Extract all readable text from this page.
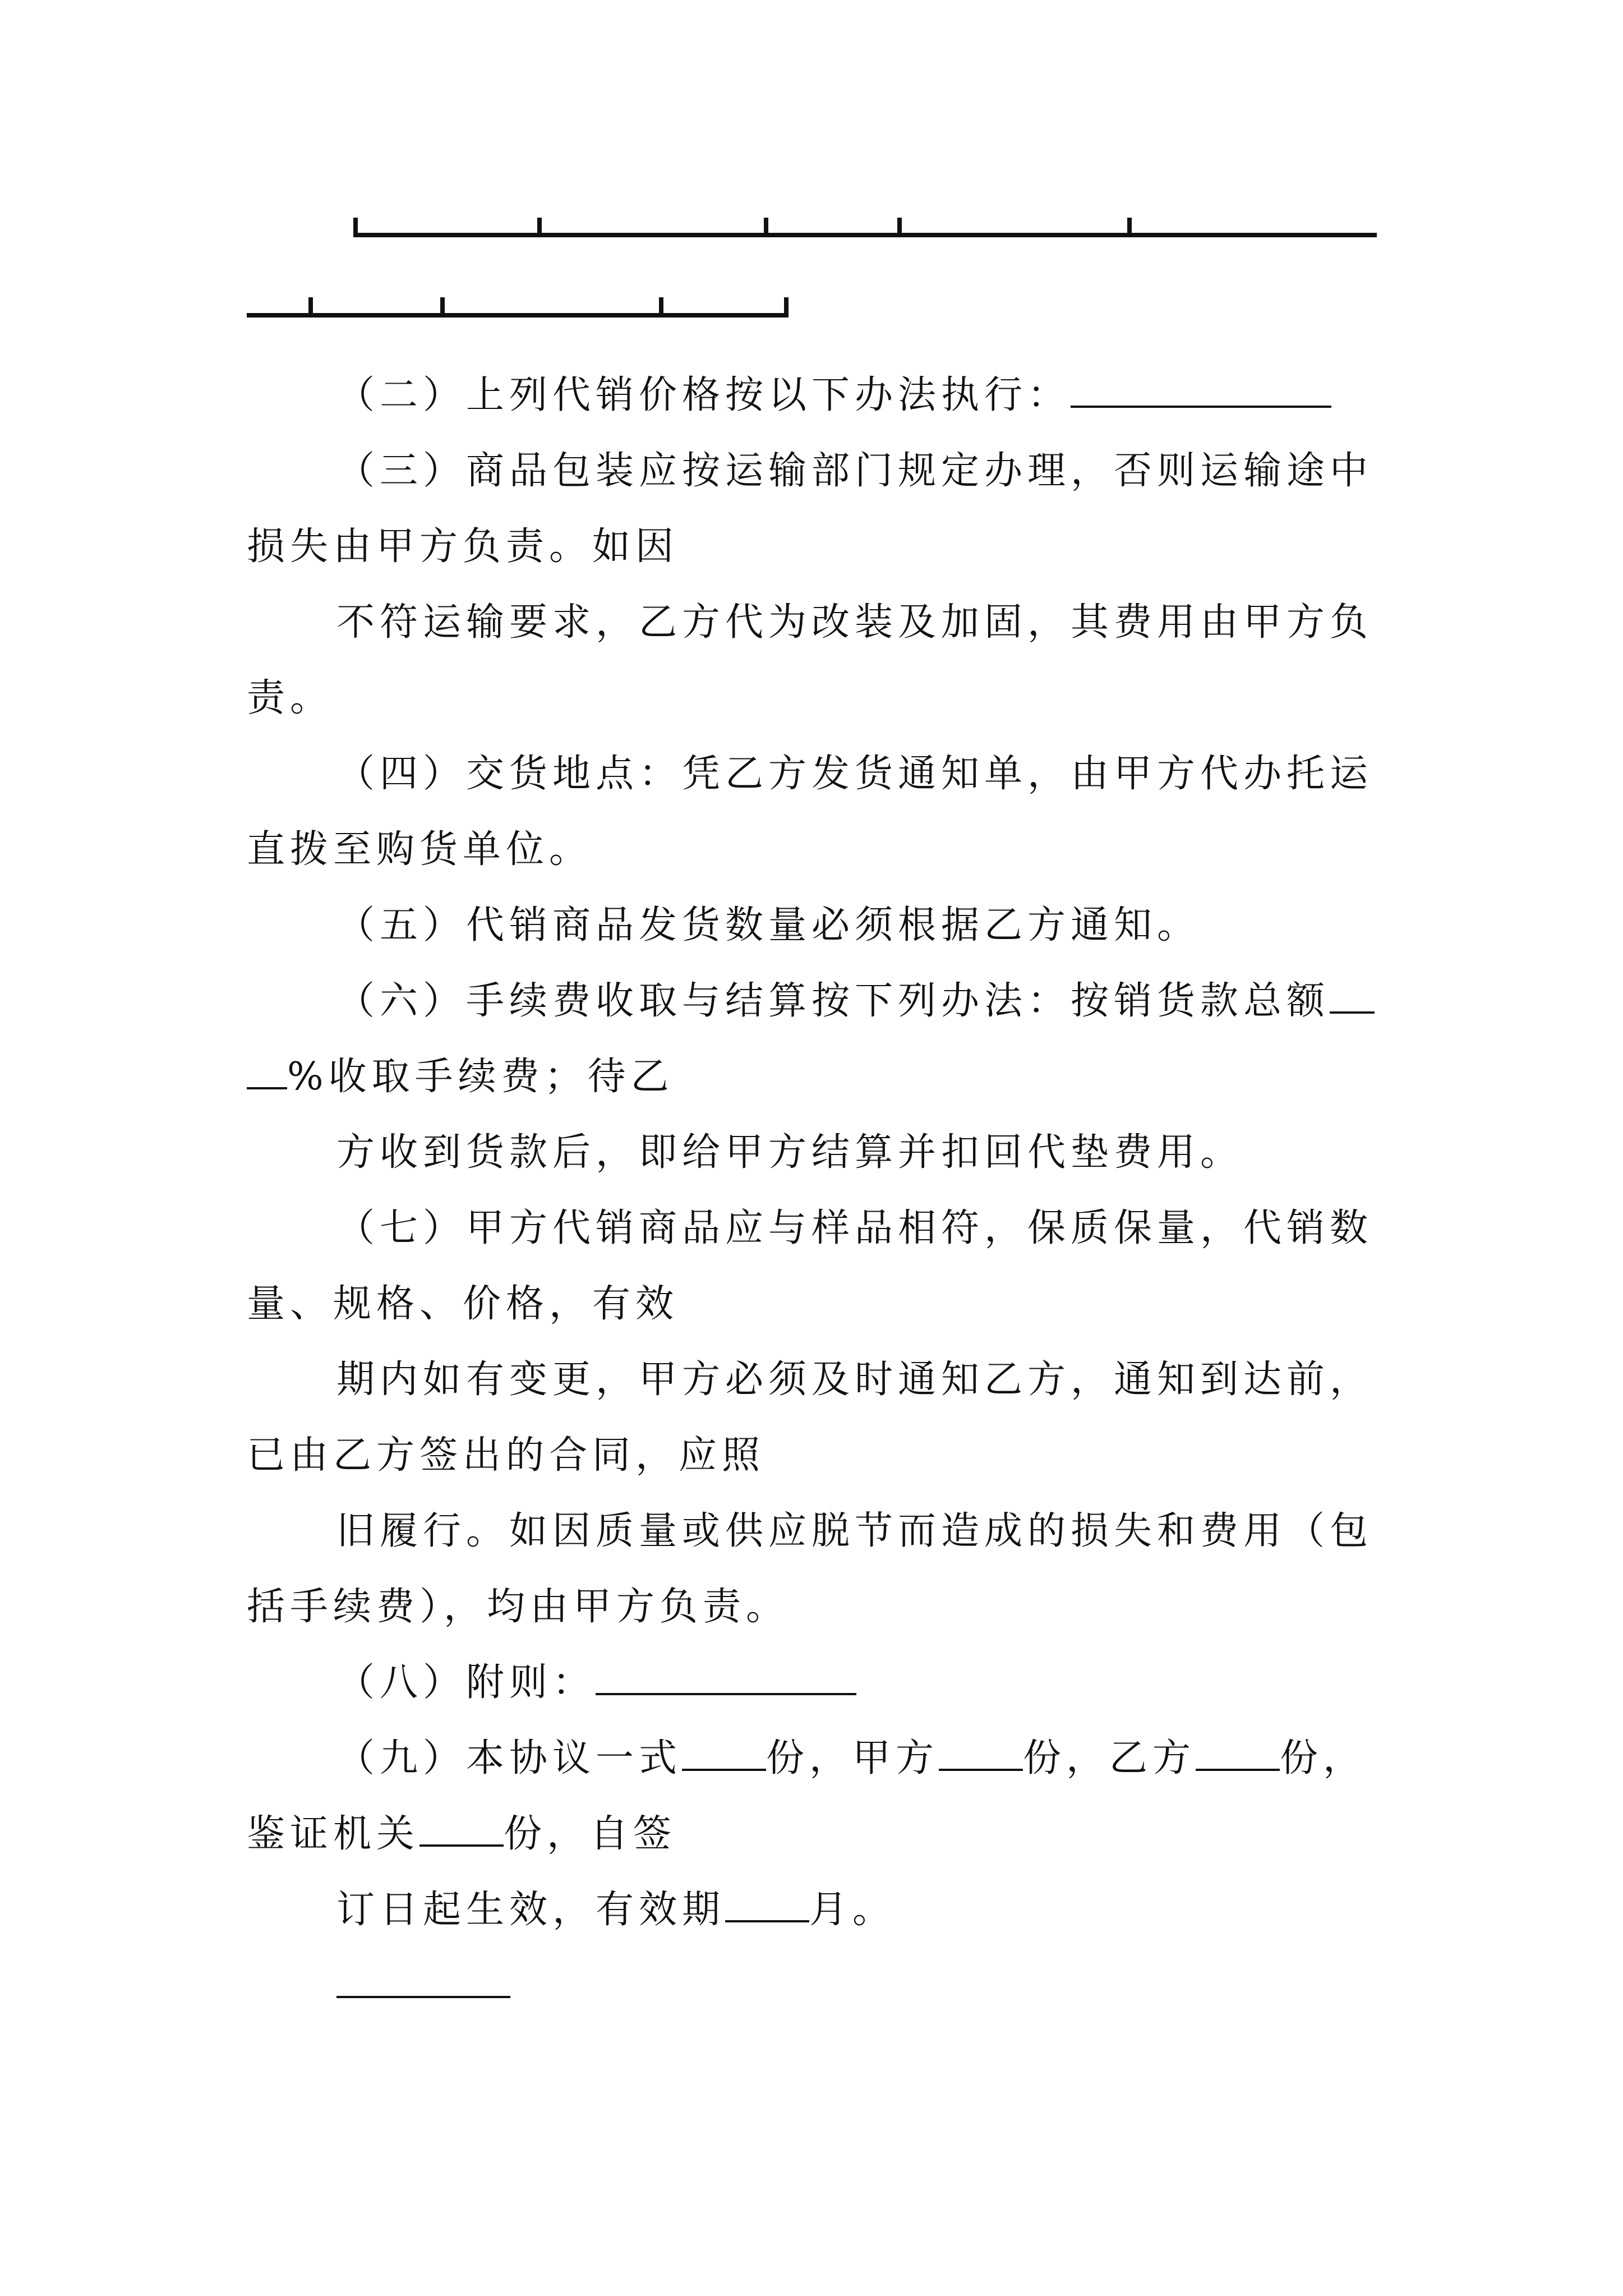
（二）上列代销价格按以下办法执行：
（三）商品包装应按运输部门规定办理，否则运输途中
损失由甲方负责。如因
不符运输要求，乙方代为改装及加固，其费用由甲方负
责。
（四）交货地点：凭乙方发货通知单，由甲方代办托运
直拨至购货单位。
（五）代销商品发货数量必须根据乙方通知。
（六）手续费收取与结算按下列办法：按销货款总额
%收取手续费；待乙
方收到货款后，即给甲方结算并扣回代垫费用。
（七）甲方代销商品应与样品相符，保质保量，代销数
量、规格、价格，有效
期内如有变更，甲方必须及时通知乙方，通知到达前，
已由乙方签出的合同，应照
旧履行。如因质量或供应脱节而造成的损失和费用（包
括手续费），均由甲方负责。
（八）附则：
（九）本协议一式 份，甲方 份，乙方 份，
鉴证机关 份，自签
订日起生效，有效期 月。
